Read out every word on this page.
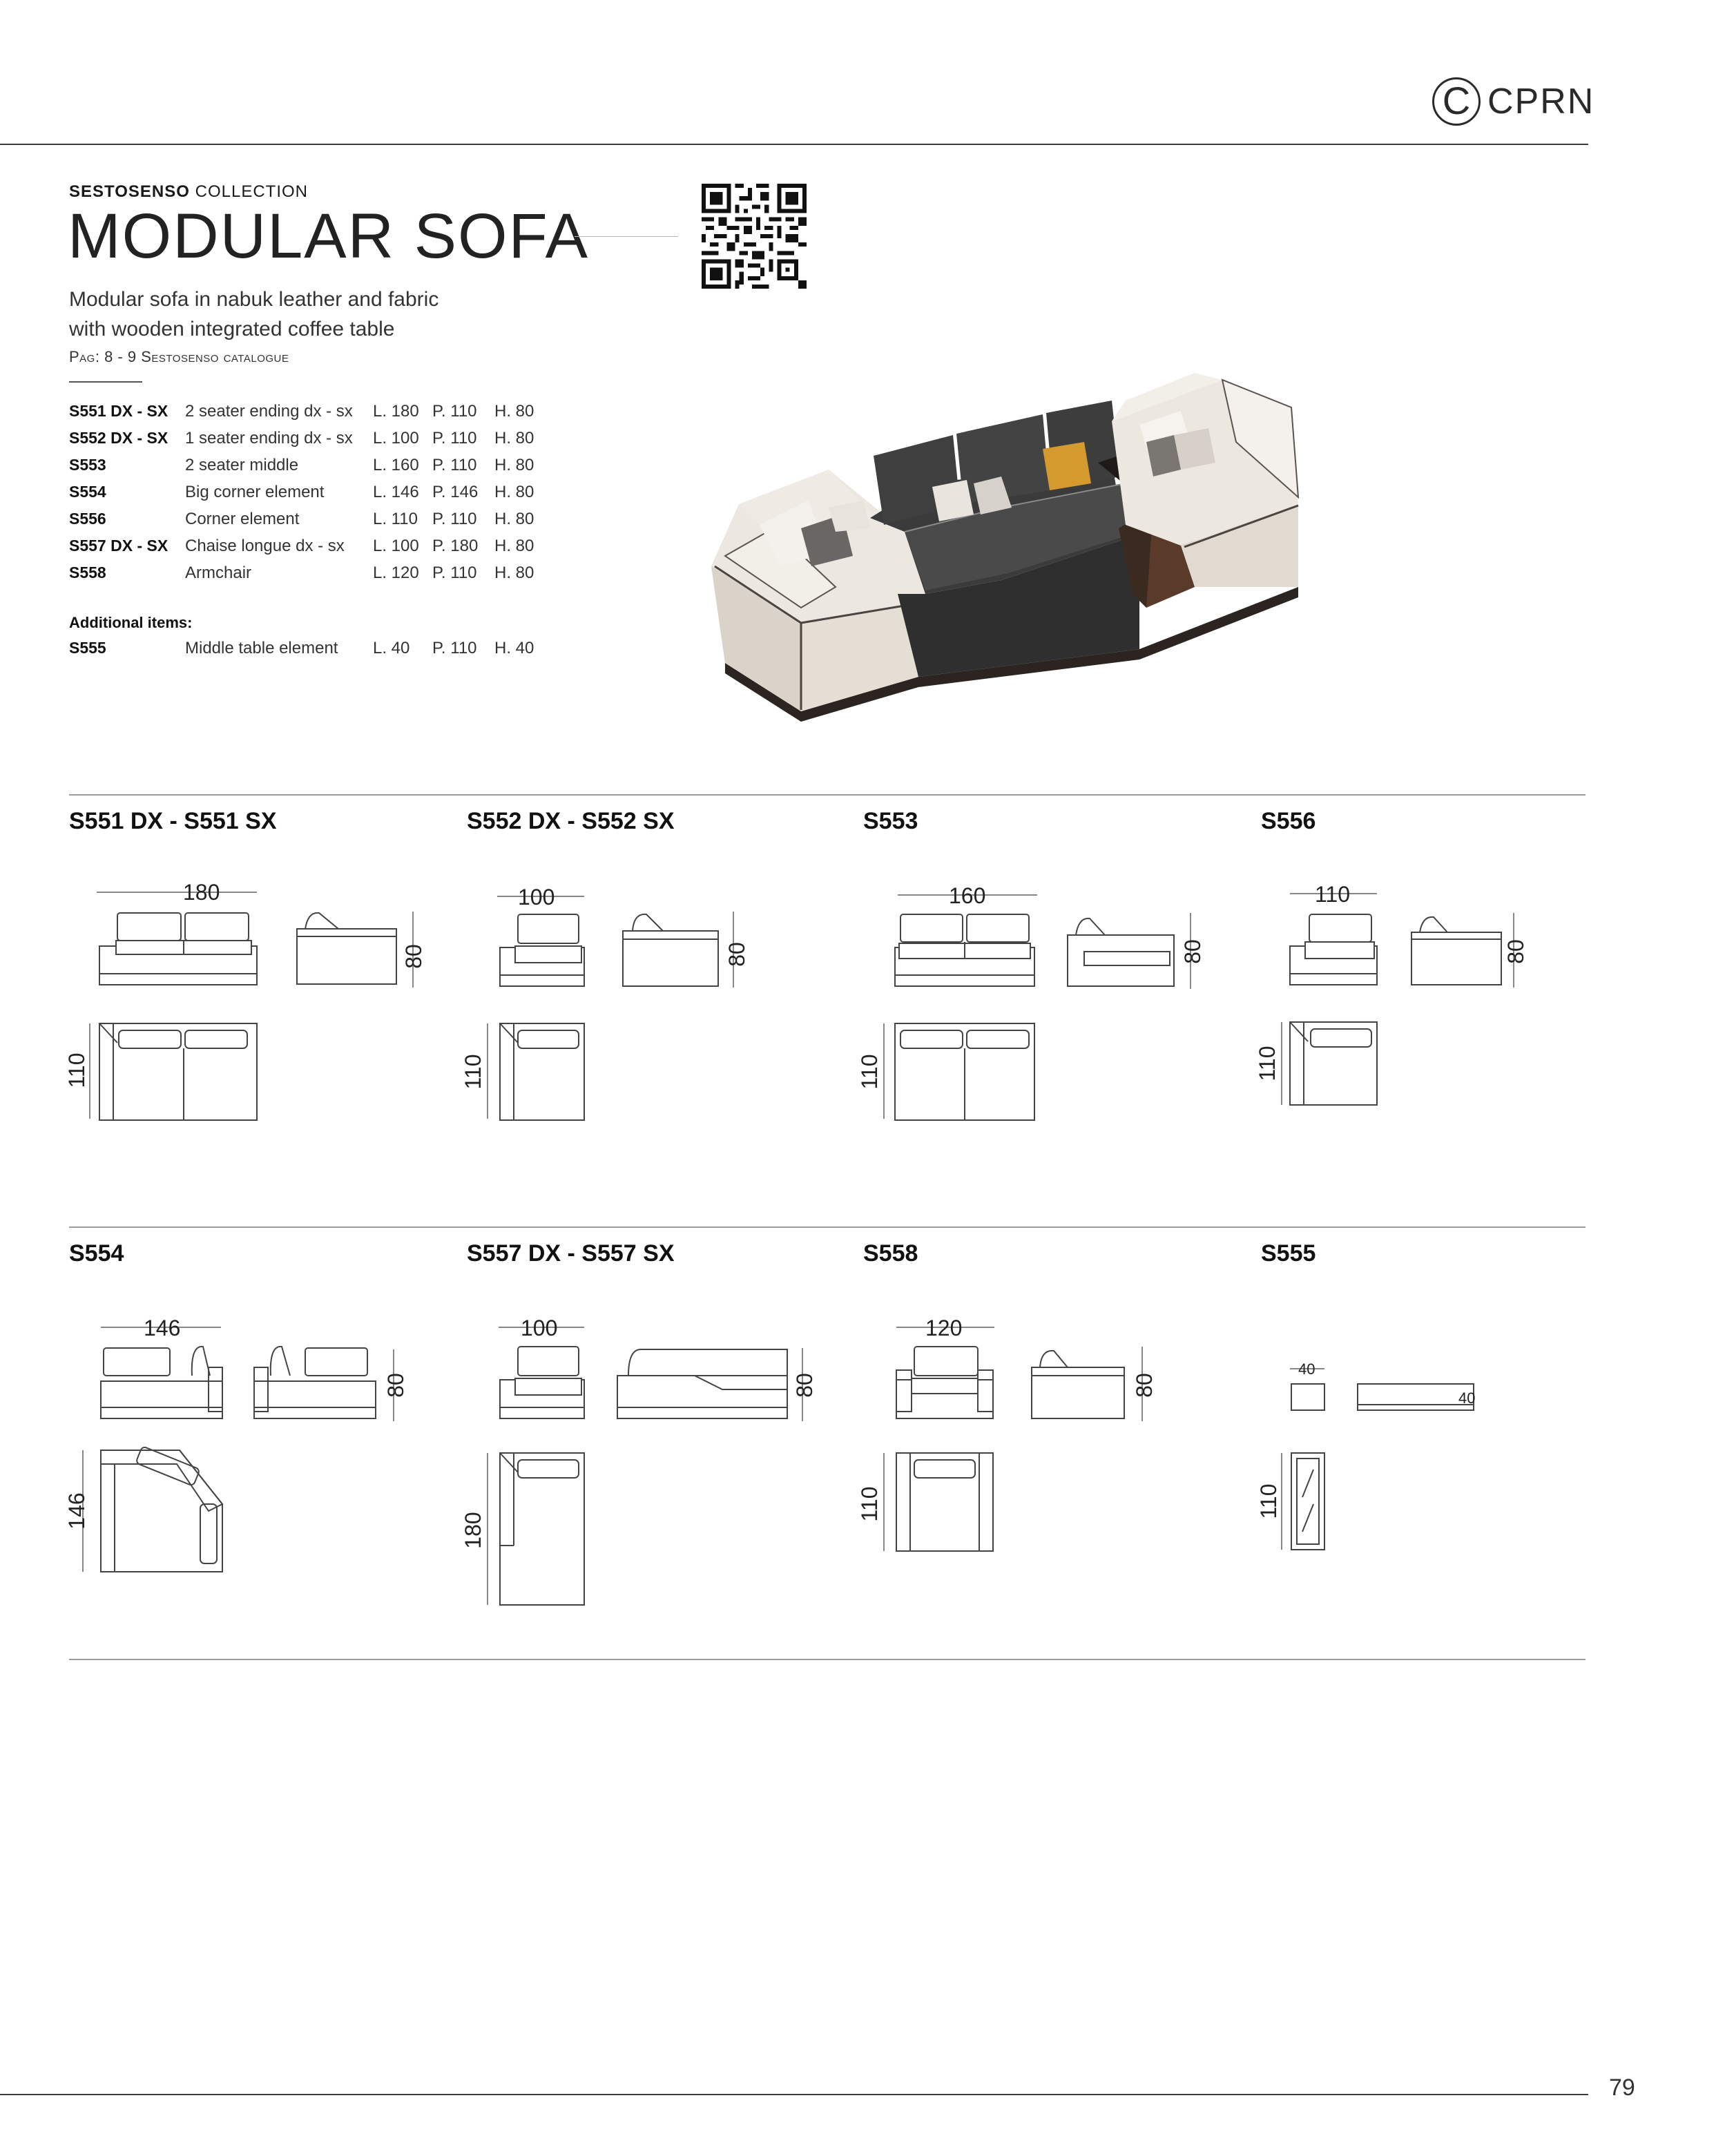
C CPRN
SESTOSENSO COLLECTION
MODULAR SOFA
Modular sofa in nabuk leather and fabric
with wooden integrated coffee table
Pag: 8 - 9 Sestosenso catalogue
S551 DX - SX	2 seater ending dx - sx	L. 180 P. 110	H. 80
S552 DX - SX	1 seater ending dx - sx	L. 100 P. 110	H. 80
S553	2 seater middle	L. 160 P. 110	H. 80
S554	Big corner element	L. 146 P. 146 H. 80
S556	Corner element	L. 110 P. 110	H. 80
S557 DX - SX	Chaise longue dx - sx	L. 100 P. 180 H. 80
S558	Armchair	L. 120 P. 110	H. 80
Additional items:
S555	Middle table element	L. 40	P. 110	H. 40
S551 DX - S551 SX	S552 DX - S552 SX	S553	S556
S554	S557 DX - S557 SX	S558	S555
180
80
110
100
80
110
160
80
110
110
80
110
146
80
146
100
80
180
120
80
110
40
40
110
79
